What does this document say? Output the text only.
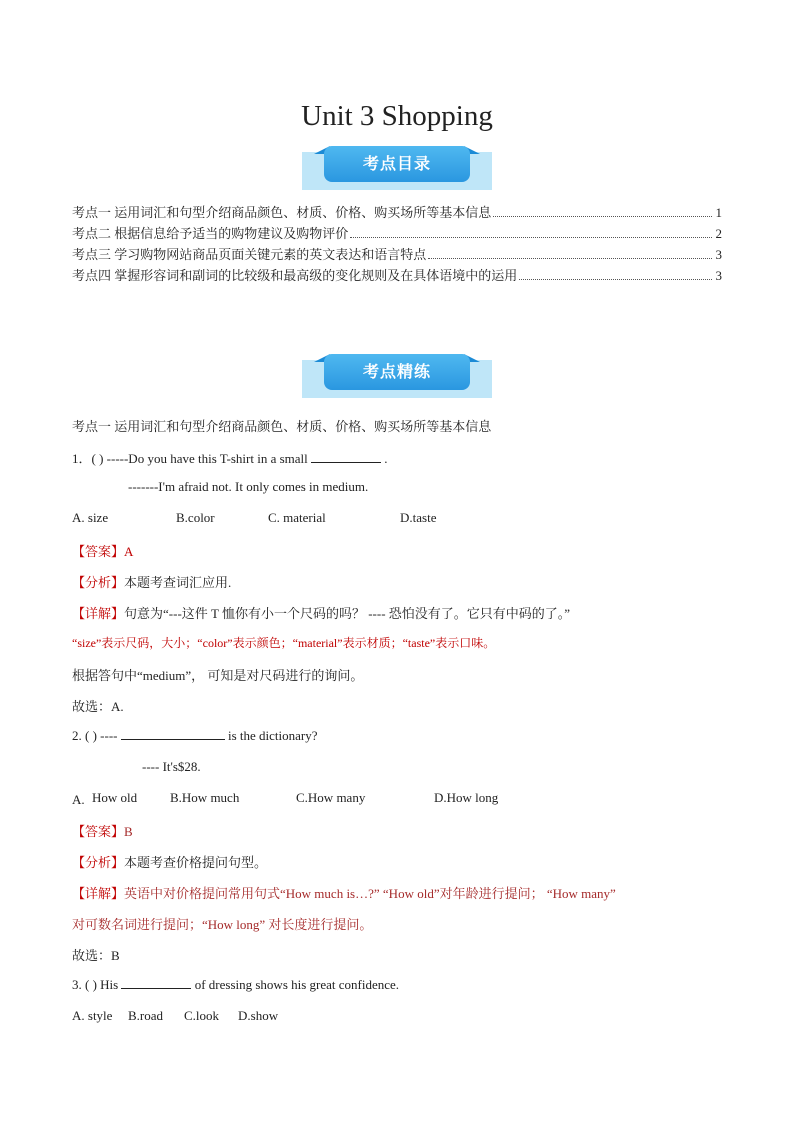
Unit 3 Shopping
考点目录
考点一 运用词汇和句型介绍商品颜色、材质、价格、购买场所等基本信息	1
考点二 根据信息给予适当的购物建议及购物评价	2
考点三 学习购物网站商品页面关键元素的英文表达和语言特点	3
考点四 掌握形容词和副词的比较级和最高级的变化规则及在具体语境中的运用	3
考点精练
考点一 运用词汇和句型介绍商品颜色、材质、价格、购买场所等基本信息
1．( ) -----Do you have this T-shirt in a small	.
-------I'm afraid not. It only comes in medium.
A. size	B.color	C. material	D.taste
【答案】A
【分析】本题考查词汇应用.
【详解】句意为“---这件 T 恤你有小一个尺码的吗？ ---- 恐怕没有了。它只有中码的了。”
“size”表示尺码，大小；“color”表示颜色；“material”表示材质；“taste”表示口味。
根据答句中“medium”， 可知是对尺码进行的询问。
故选：A.
2. ( ) ----	is the dictionary?
---- It's$28.
A. How old	B.How much	C.How many	D.How long
【答案】B
【分析】本题考查价格提问句型。
【详解】英语中对价格提问常用句式“How much is…?” “How old”对年龄进行提问； “How many”
对可数名词进行提问；“How long” 对长度进行提问。
故选：B
3. ( ) His	of dressing shows his great confidence.
A. style B.road C.look D.show
